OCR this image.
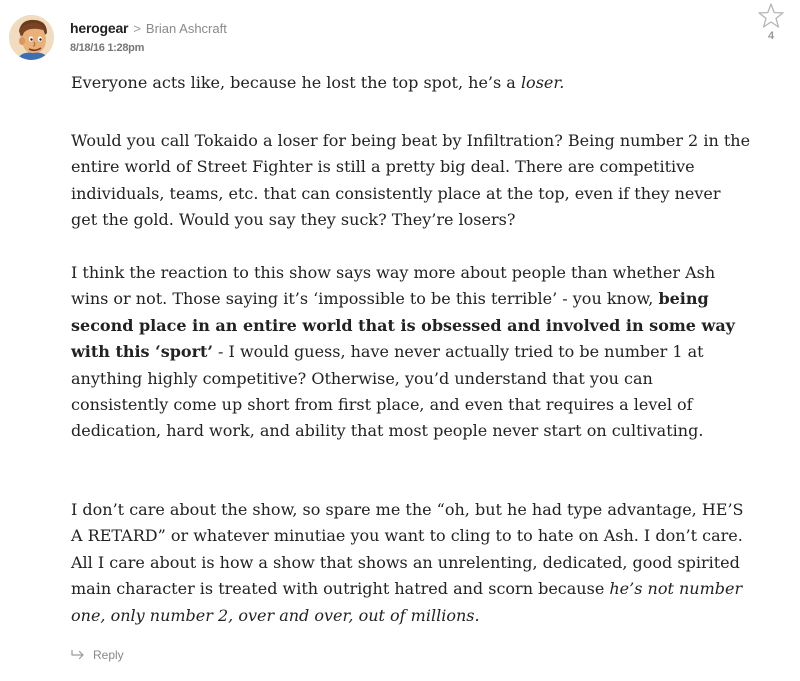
herogear > Brian Ashcraft
8/18/16 1:28pm
4

Everyone acts like, because he lost the top spot, he’s a loser.

Would you call Tokaido a loser for being beat by Infiltration? Being number 2 in the entire world of Street Fighter is still a pretty big deal. There are competitive individuals, teams, etc. that can consistently place at the top, even if they never get the gold. Would you say they suck? They’re losers?

I think the reaction to this show says way more about people than whether Ash wins or not. Those saying it’s ‘impossible to be this terrible’ - you know, being second place in an entire world that is obsessed and involved in some way with this ‘sport’ - I would guess, have never actually tried to be number 1 at anything highly competitive? Otherwise, you’d understand that you can consistently come up short from first place, and even that requires a level of dedication, hard work, and ability that most people never start on cultivating.

I don’t care about the show, so spare me the “oh, but he had type advantage, HE’S A RETARD” or whatever minutiae you want to cling to to hate on Ash. I don’t care. All I care about is how a show that shows an unrelenting, dedicated, good spirited main character is treated with outright hatred and scorn because he’s not number one, only number 2, over and over, out of millions.

Reply
